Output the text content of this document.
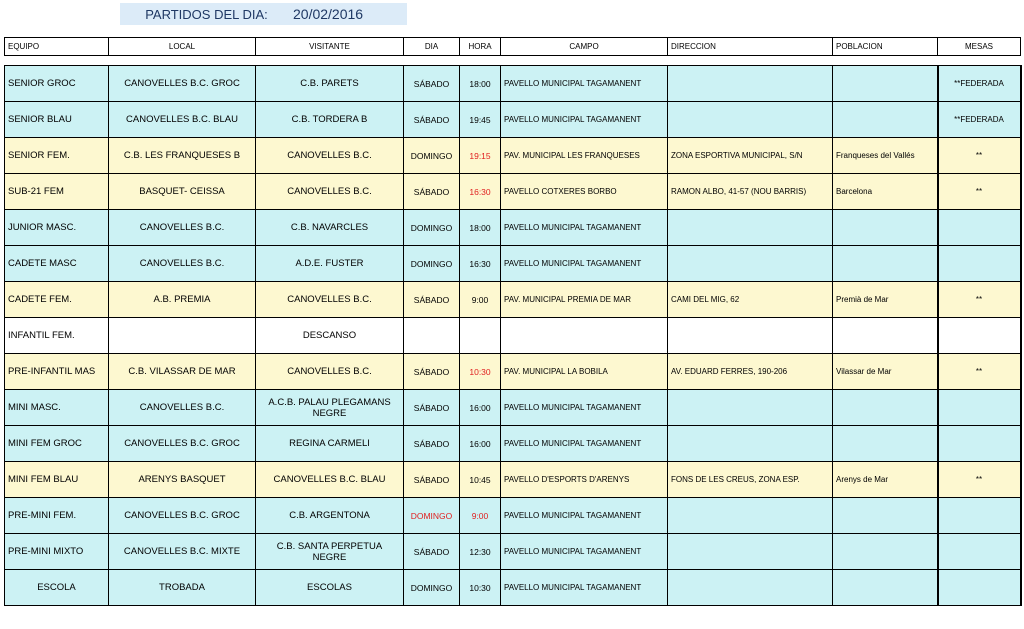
PARTIDOS DEL DIA:	20/02/2016
EQUIPO	LOCAL	VISITANTE	DIA	HORA	CAMPO	DIRECCION	POBLACION	MESAS

SENIOR GROC	CANOVELLES B.C. GROC	C.B. PARETS	SÁBADO	18:00	PAVELLO MUNICIPAL TAGAMANENT			**FEDERADA
SENIOR BLAU	CANOVELLES B.C. BLAU	C.B. TORDERA B	SÁBADO	19:45	PAVELLO MUNICIPAL TAGAMANENT			**FEDERADA
SENIOR FEM.	C.B. LES FRANQUESES B	CANOVELLES B.C.	DOMINGO	19:15	PAV. MUNICIPAL LES FRANQUESES	ZONA ESPORTIVA MUNICIPAL, S/N	Franqueses del Vallés	**
SUB-21 FEM	BASQUET- CEISSA	CANOVELLES B.C.	SÁBADO	16:30	PAVELLO COTXERES BORBO	RAMON ALBO, 41-57 (NOU BARRIS)	Barcelona	**
JUNIOR MASC.	CANOVELLES B.C.	C.B. NAVARCLES	DOMINGO	18:00	PAVELLO MUNICIPAL TAGAMANENT			
CADETE MASC	CANOVELLES B.C.	A.D.E. FUSTER	DOMINGO	16:30	PAVELLO MUNICIPAL TAGAMANENT			
CADETE FEM.	A.B. PREMIA	CANOVELLES B.C.	SÁBADO	9:00	PAV. MUNICIPAL PREMIA DE MAR	CAMI DEL MIG, 62	Premià de Mar	**
INFANTIL FEM.		DESCANSO						
PRE-INFANTIL MAS	C.B. VILASSAR DE MAR	CANOVELLES B.C.	SÁBADO	10:30	PAV. MUNICIPAL LA BOBILA	AV. EDUARD FERRES, 190-206	Vilassar de Mar	**
MINI MASC.	CANOVELLES B.C.	A.C.B. PALAU PLEGAMANS NEGRE	SÁBADO	16:00	PAVELLO MUNICIPAL TAGAMANENT			
MINI FEM GROC	CANOVELLES B.C. GROC	REGINA CARMELI	SÁBADO	16:00	PAVELLO MUNICIPAL TAGAMANENT			
MINI FEM BLAU	ARENYS BASQUET	CANOVELLES B.C. BLAU	SÁBADO	10:45	PAVELLO D'ESPORTS D'ARENYS	FONS DE LES CREUS, ZONA ESP.	Arenys de Mar	**
PRE-MINI FEM.	CANOVELLES B.C. GROC	C.B. ARGENTONA	DOMINGO	9:00	PAVELLO MUNICIPAL TAGAMANENT			
PRE-MINI MIXTO	CANOVELLES B.C. MIXTE	C.B. SANTA PERPETUA NEGRE	SÁBADO	12:30	PAVELLO MUNICIPAL TAGAMANENT			
ESCOLA	TROBADA	ESCOLAS	DOMINGO	10:30	PAVELLO MUNICIPAL TAGAMANENT			
